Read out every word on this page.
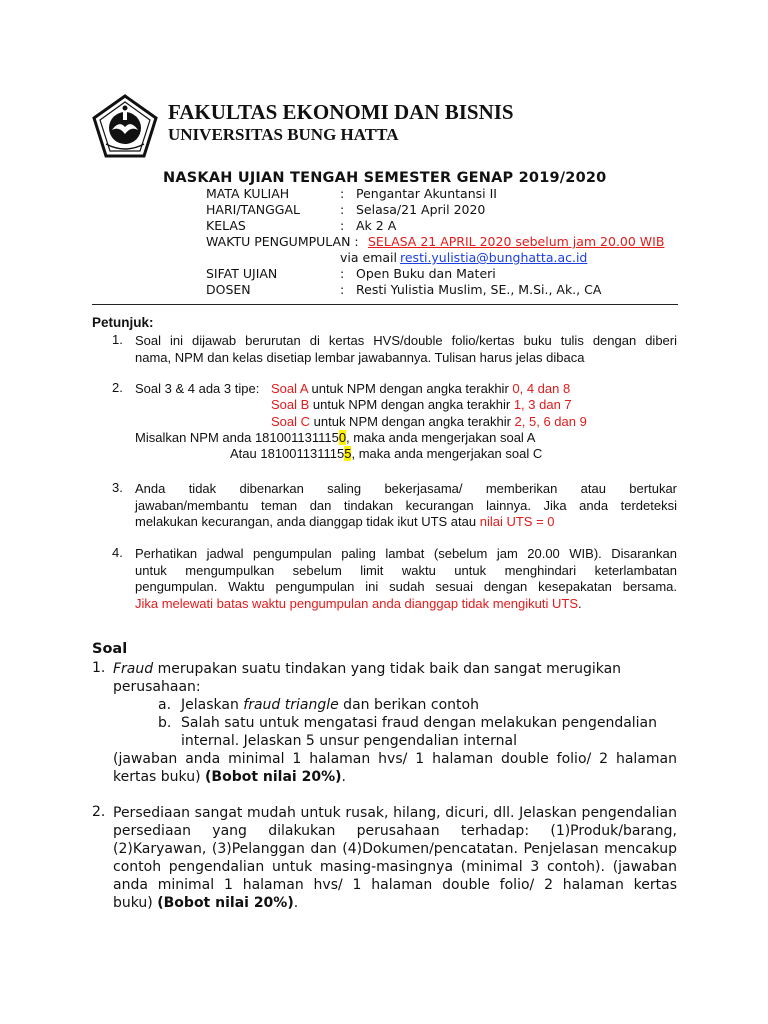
FAKULTAS EKONOMI DAN BISNIS
UNIVERSITAS BUNG HATTA
NASKAH UJIAN TENGAH SEMESTER GENAP 2019/2020
MATA KULIAH	: Pengantar Akuntansi II
HARI/TANGGAL	: Selasa/21 April 2020
KELAS	: Ak 2 A
WAKTU PENGUMPULAN : SELASA 21 APRIL 2020 sebelum jam 20.00 WIB
via email resti.yulistia@bunghatta.ac.id
SIFAT UJIAN	: Open Buku dan Materi
DOSEN	: Resti Yulistia Muslim, SE., M.Si., Ak., CA
Petunjuk:
1. Soal ini dijawab berurutan di kertas HVS/double folio/kertas buku tulis dengan diberi
nama, NPM dan kelas disetiap lembar jawabannya. Tulisan harus jelas dibaca
2. Soal 3 & 4 ada 3 tipe: Soal A untuk NPM dengan angka terakhir 0, 4 dan 8
Soal B untuk NPM dengan angka terakhir 1, 3 dan 7
Soal C untuk NPM dengan angka terakhir 2, 5, 6 dan 9
Misalkan NPM anda 1810011311150, maka anda mengerjakan soal A
Atau 1810011311155, maka anda mengerjakan soal C
3. Anda tidak dibenarkan saling bekerjasama/ memberikan atau bertukar
jawaban/membantu teman dan tindakan kecurangan lainnya. Jika anda terdeteksi
melakukan kecurangan, anda dianggap tidak ikut UTS atau nilai UTS = 0
4. Perhatikan jadwal pengumpulan paling lambat (sebelum jam 20.00 WIB). Disarankan
untuk mengumpulkan sebelum limit waktu untuk menghindari keterlambatan
pengumpulan. Waktu pengumpulan ini sudah sesuai dengan kesepakatan bersama.
Jika melewati batas waktu pengumpulan anda dianggap tidak mengikuti UTS.
Soal
1. Fraud merupakan suatu tindakan yang tidak baik dan sangat merugikan
perusahaan:
a. Jelaskan fraud triangle dan berikan contoh
b. Salah satu untuk mengatasi fraud dengan melakukan pengendalian
internal. Jelaskan 5 unsur pengendalian internal
(jawaban anda minimal 1 halaman hvs/ 1 halaman double folio/ 2 halaman
kertas buku) (Bobot nilai 20%).
2. Persediaan sangat mudah untuk rusak, hilang, dicuri, dll. Jelaskan pengendalian
persediaan yang dilakukan perusahaan terhadap: (1)Produk/barang,
(2)Karyawan, (3)Pelanggan dan (4)Dokumen/pencatatan. Penjelasan mencakup
contoh pengendalian untuk masing-masingnya (minimal 3 contoh). (jawaban
anda minimal 1 halaman hvs/ 1 halaman double folio/ 2 halaman kertas
buku) (Bobot nilai 20%).
